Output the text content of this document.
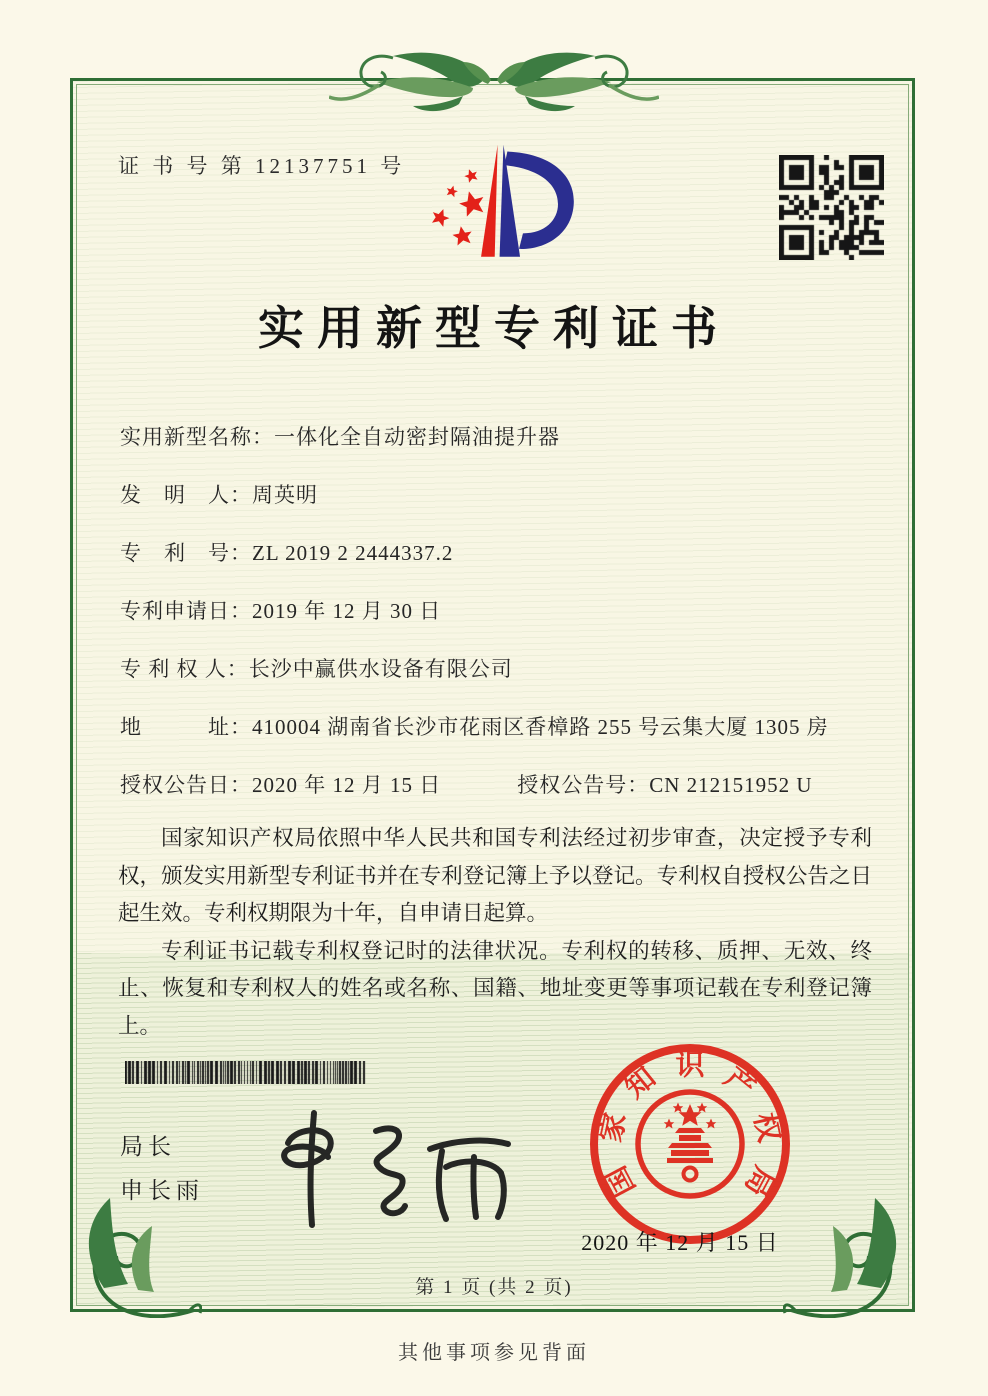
证 书 号 第 12137751 号
实用新型专利证书
实用新型名称：一体化全自动密封隔油提升器
发　明　人：周英明
专　利　号：ZL 2019 2 2444337.2
专利申请日：2019 年 12 月 30 日
专 利 权 人：长沙中赢供水设备有限公司
地　　　址：410004 湖南省长沙市花雨区香樟路 255 号云集大厦 1305 房
授权公告日：2020 年 12 月 15 日	授权公告号：CN 212151952 U

国家知识产权局依照中华人民共和国专利法经过初步审查，决定授予专利权，颁发实用新型专利证书并在专利登记簿上予以登记。专利权自授权公告之日起生效。专利权期限为十年，自申请日起算。

专利证书记载专利权登记时的法律状况。专利权的转移、质押、无效、终止、恢复和专利权人的姓名或名称、国籍、地址变更等事项记载在专利登记簿上。

局长
申长雨	国
家
知 识 产
权
局
2020 年 12 月 15 日
第 1 页 (共 2 页)
其他事项参见背面
